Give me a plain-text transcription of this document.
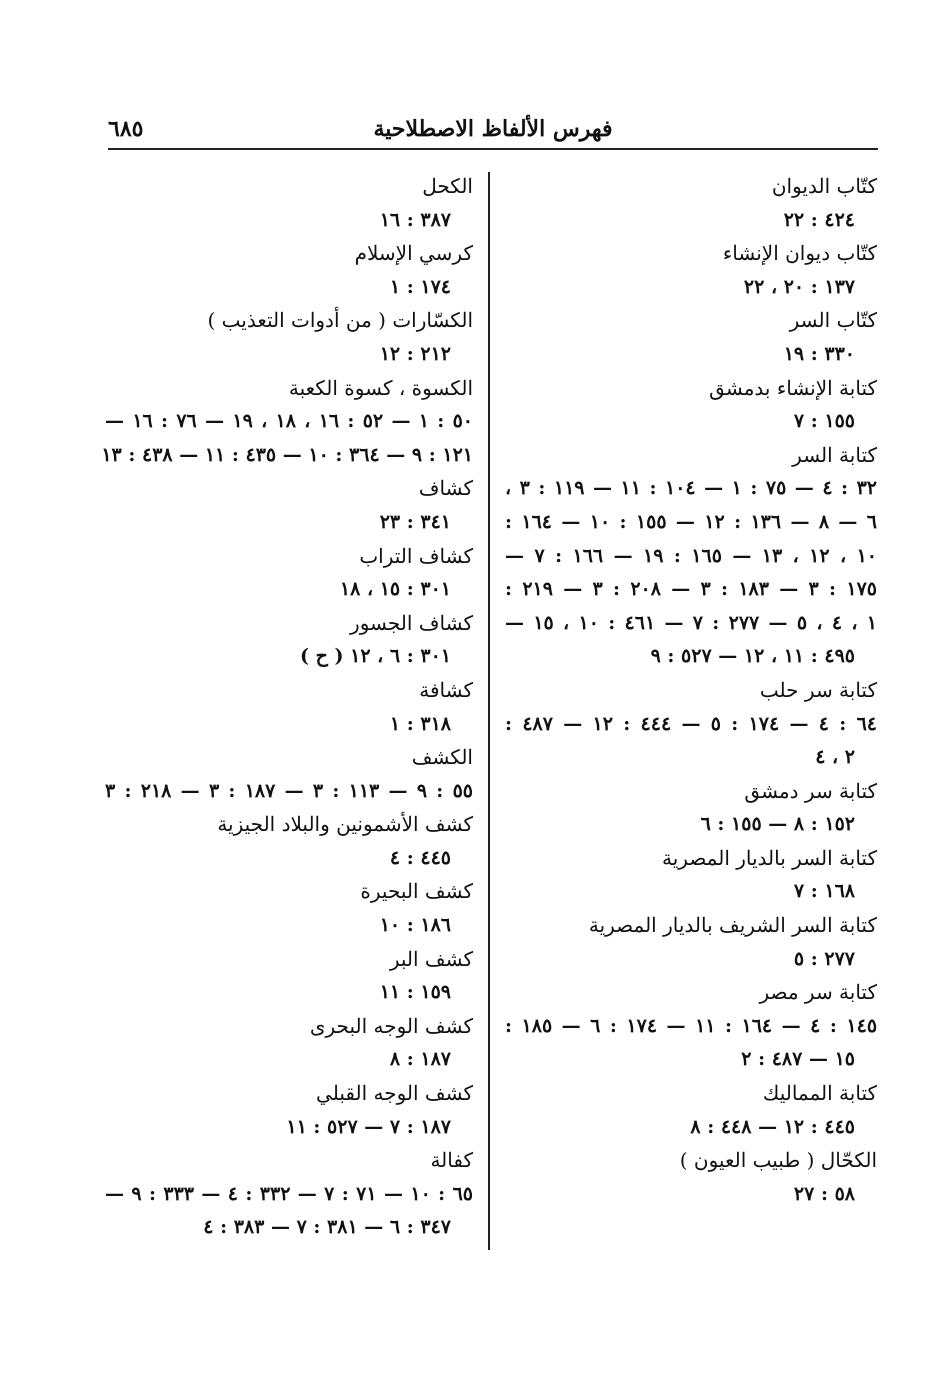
فهرس الألفاظ الاصطلاحية
٦٨٥
كتّاب الديوان
٤٢٤ : ٢٢
كتّاب ديوان الإنشاء
١٣٧ : ٢٠ ، ٢٢
كتّاب السر
٣٣٠ : ١٩
كتابة الإنشاء بدمشق
١٥٥ : ٧
كتابة السر
٣٢ : ٤ — ٧٥ : ١ — ١٠٤ : ١١ — ١١٩ : ٣ ،
٦ — ٨ — ١٣٦ : ١٢ — ١٥٥ : ١٠ — ١٦٤ :
١٠ ، ١٢ ، ١٣ — ١٦٥ : ١٩ — ١٦٦ : ٧ —
١٧٥ : ٣ — ١٨٣ : ٣ — ٢٠٨ : ٣ — ٢١٩ :
١ ، ٤ ، ٥ — ٢٧٧ : ٧ — ٤٦١ : ١٠ ، ١٥ —
٤٩٥ : ١١ ، ١٢ — ٥٢٧ : ٩
كتابة سر حلب
٦٤ : ٤ — ١٧٤ : ٥ — ٤٤٤ : ١٢ — ٤٨٧ :
٢ ، ٤
كتابة سر دمشق
١٥٢ : ٨ — ١٥٥ : ٦
كتابة السر بالديار المصرية
١٦٨ : ٧
كتابة السر الشريف بالديار المصرية
٢٧٧ : ٥
كتابة سر مصر
١٤٥ : ٤ — ١٦٤ : ١١ — ١٧٤ : ٦ — ١٨٥ :
١٥ — ٤٨٧ : ٢
كتابة المماليك
٤٤٥ : ١٢ — ٤٤٨ : ٨
الكحّال ( طبيب العيون )
٥٨ : ٢٧
الكحل
٣٨٧ : ١٦
كرسي الإسلام
١٧٤ : ١
الكسّارات ( من أدوات التعذيب )
٢١٢ : ١٢
الكسوة ، كسوة الكعبة
٥٠ : ١ — ٥٢ : ١٦ ، ١٨ ، ١٩ — ٧٦ : ١٦ —
١٢١ : ٩ — ٣٦٤ : ١٠ — ٤٣٥ : ١١ — ٤٣٨ : ١٣
كشاف
٣٤١ : ٢٣
كشاف التراب
٣٠١ : ١٥ ، ١٨
كشاف الجسور
٣٠١ : ٦ ، ١٢ ( ح )
كشافة
٣١٨ : ١
الكشف
٥٥ : ٩ — ١١٣ : ٣ — ١٨٧ : ٣ — ٢١٨ : ٣
كشف الأشمونين والبلاد الجيزية
٤٤٥ : ٤
كشف البحيرة
١٨٦ : ١٠
كشف البر
١٥٩ : ١١
كشف الوجه البحرى
١٨٧ : ٨
كشف الوجه القبلي
١٨٧ : ٧ — ٥٢٧ : ١١
كفالة
٦٥ : ١٠ — ٧١ : ٧ — ٣٣٢ : ٤ — ٣٣٣ : ٩ —
٣٤٧ : ٦ — ٣٨١ : ٧ — ٣٨٣ : ٤
